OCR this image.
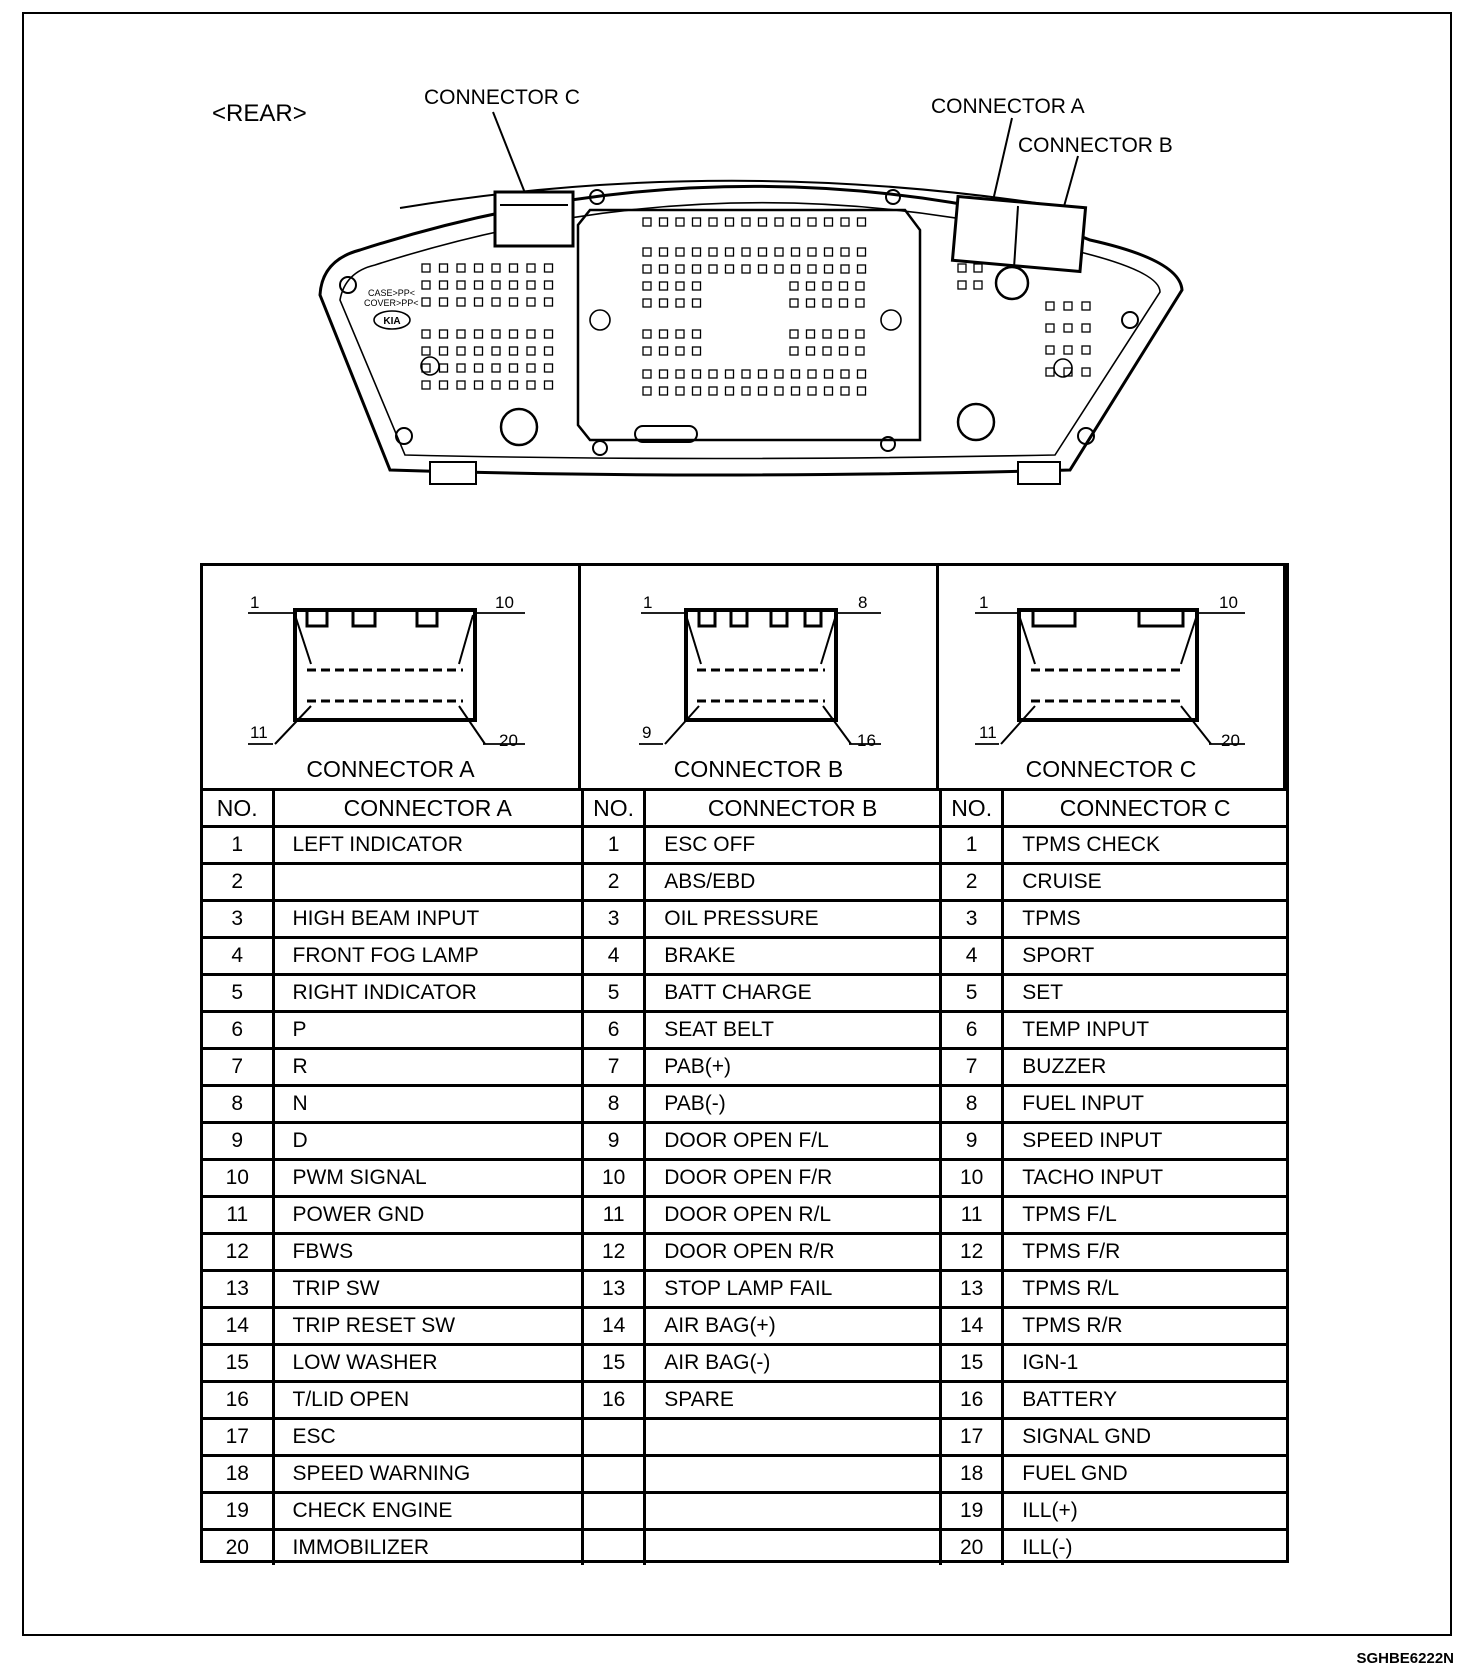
<REAR>
CONNECTOR C	CONNECTOR A
CONNECTOR B
CASE>PP<
COVER>PP<
KIA
1	10
11	20
CONNECTOR A
1	8
9	16
CONNECTOR B
1	10
11	20
CONNECTOR C
NO.	CONNECTOR A
1	LEFT INDICATOR
2	
3	HIGH BEAM INPUT
4	FRONT FOG LAMP
5	RIGHT INDICATOR
6	P
7	R
8	N
9	D
10	PWM SIGNAL
11	POWER GND
12	FBWS
13	TRIP SW
14	TRIP RESET SW
15	LOW WASHER
16	T/LID OPEN
17	ESC
18	SPEED WARNING
19	CHECK ENGINE
20	IMMOBILIZER
NO.	CONNECTOR B
1	ESC OFF
2	ABS/EBD
3	OIL PRESSURE
4	BRAKE
5	BATT CHARGE
6	SEAT BELT
7	PAB(+)
8	PAB(-)
9	DOOR OPEN F/L
10	DOOR OPEN F/R
11	DOOR OPEN R/L
12	DOOR OPEN R/R
13	STOP LAMP FAIL
14	AIR BAG(+)
15	AIR BAG(-)
16	SPARE

NO.	CONNECTOR C
1	TPMS CHECK
2	CRUISE
3	TPMS
4	SPORT
5	SET
6	TEMP INPUT
7	BUZZER
8	FUEL INPUT
9	SPEED INPUT
10	TACHO INPUT
11	TPMS F/L
12	TPMS F/R
13	TPMS R/L
14	TPMS R/R
15	IGN-1
16	BATTERY
17	SIGNAL GND
18	FUEL GND
19	ILL(+)
20	ILL(-)
SGHBE6222N
